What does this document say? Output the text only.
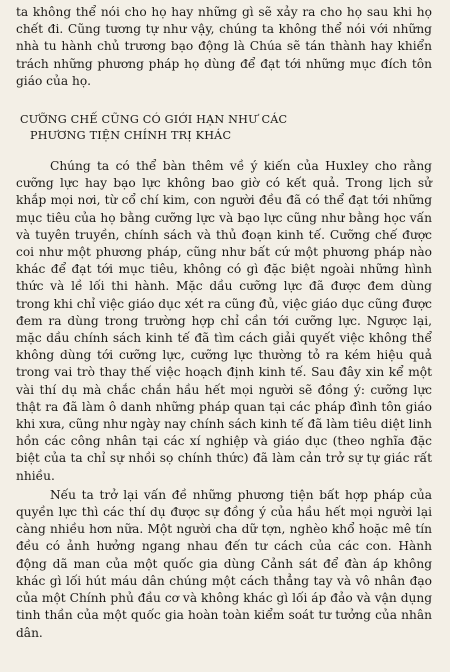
ta không thể nói cho họ hay những gì sẽ xảy ra cho họ sau khi họ chết đi. Cũng tương tự như vậy, chúng ta không thể nói với những nhà tu hành chủ trương bạo động là Chúa sẽ tán thành hay khiển trách những phương pháp họ dùng để đạt tới những mục đích tôn giáo của họ.

CƯỠNG CHẾ CŨNG CÓ GIỚI HẠN NHƯ CÁC
PHƯƠNG TIỆN CHÍNH TRỊ KHÁC

Chúng ta có thể bàn thêm về ý kiến của Huxley cho rằng cưỡng lực hay bạo lực không bao giờ có kết quả. Trong lịch sử khắp mọi nơi, từ cổ chí kim, con người đều đã có thể đạt tới những mục tiêu của họ bằng cưỡng lực và bạo lực cũng như bằng học vấn và tuyên truyền, chính sách và thủ đoạn kinh tế. Cưỡng chế được coi như một phương pháp, cũng như bất cứ một phương pháp nào khác để đạt tới mục tiêu, không có gì đặc biệt ngoài những hình thức và lề lối thi hành. Mặc dầu cưỡng lực đã được đem dùng trong khi chỉ việc giáo dục xét ra cũng đủ, việc giáo dục cũng được đem ra dùng trong trường hợp chỉ cần tới cưỡng lực. Ngược lại, mặc dầu chính sách kinh tế đã tìm cách giải quyết việc không thể không dùng tới cưỡng lực, cưỡng lực thường tỏ ra kém hiệu quả trong vai trò thay thế việc hoạch định kinh tế. Sau đây xin kể một vài thí dụ mà chắc chắn hầu hết mọi người sẽ đồng ý: cưỡng lực thật ra đã làm ô danh những pháp quan tại các pháp đình tôn giáo khi xưa, cũng như ngày nay chính sách kinh tế đã làm tiêu diệt linh hồn các công nhân tại các xí nghiệp và giáo dục (theo nghĩa đặc biệt của ta chỉ sự nhồi sọ chính thức) đã làm cản trở sự tự giác rất nhiều.

Nếu ta trở lại vấn đề những phương tiện bất hợp pháp của quyền lực thì các thí dụ được sự đồng ý của hầu hết mọi người lại càng nhiều hơn nữa. Một người cha dữ tợn, nghèo khổ hoặc mê tín đều có ảnh hưởng ngang nhau đến tư cách của các con. Hành động dã man của một quốc gia dùng Cảnh sát để đàn áp không khác gì lối hút máu dân chúng một cách thẳng tay và vô nhân đạo của một Chính phủ đầu cơ và không khác gì lối áp đảo và vận dụng tinh thần của một quốc gia hoàn toàn kiểm soát tư tưởng của nhân dân.
